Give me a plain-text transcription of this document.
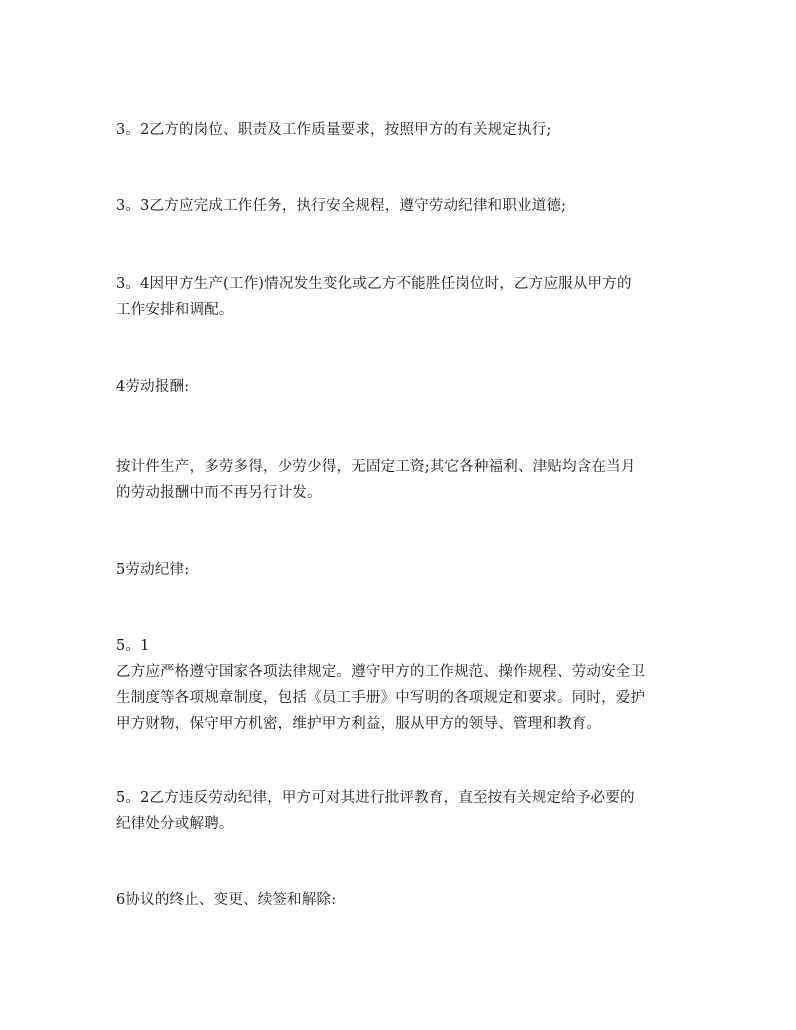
3。2乙方的岗位、职责及工作质量要求，按照甲方的有关规定执行;

3。3乙方应完成工作任务，执行安全规程，遵守劳动纪律和职业道德;

3。4因甲方生产(工作)情况发生变化或乙方不能胜任岗位时，乙方应服从甲方的
工作安排和调配。

4劳动报酬:

按计件生产，多劳多得，少劳少得，无固定工资;其它各种福利、津贴均含在当月
的劳动报酬中而不再另行计发。

5劳动纪律:

5。1
乙方应严格遵守国家各项法律规定。遵守甲方的工作规范、操作规程、劳动安全卫
生制度等各项规章制度，包括《员工手册》中写明的各项规定和要求。同时，爱护
甲方财物，保守甲方机密，维护甲方利益，服从甲方的领导、管理和教育。

5。2乙方违反劳动纪律，甲方可对其进行批评教育，直至按有关规定给予必要的
纪律处分或解聘。

6协议的终止、变更、续签和解除:
